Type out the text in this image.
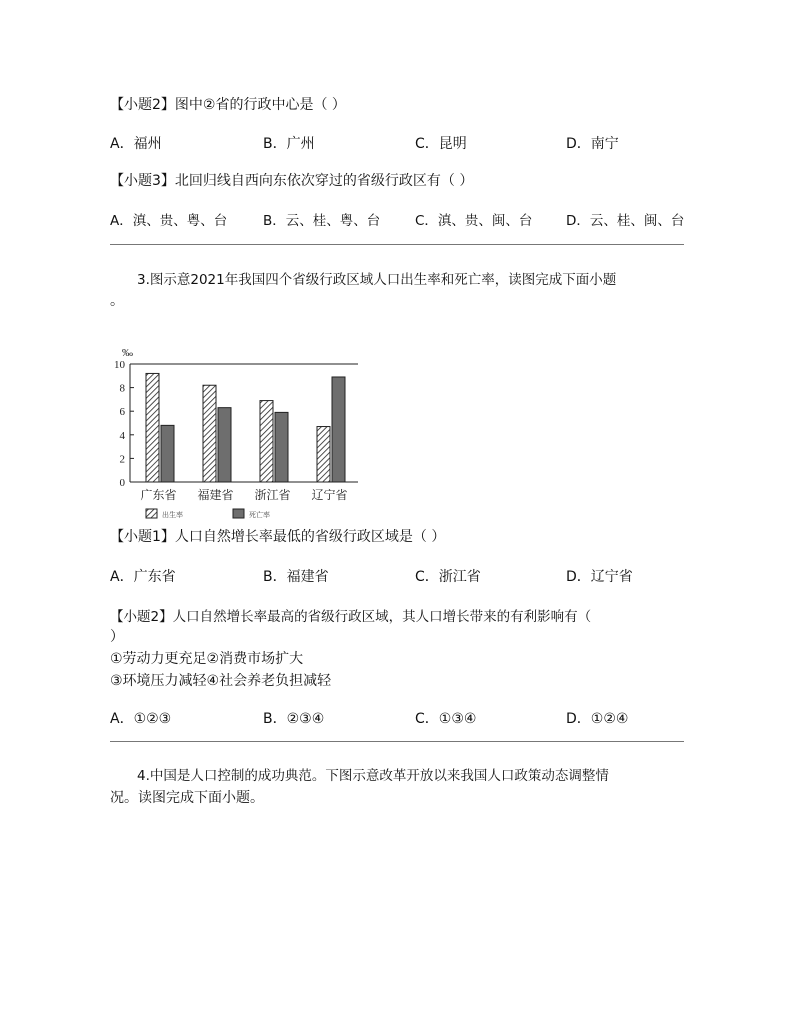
【小题2】图中②省的行政中心是（ ）
A．福州	B．广州	C．昆明	D．南宁
【小题3】北回归线自西向东依次穿过的省级行政区有（ ）
A．滇、贵、粤、台	B．云、桂、粤、台	C．滇、贵、闽、台 D．云、桂、闽、台
3.图示意2021年我国四个省级行政区域人口出生率和死亡率，读图完成下面小题
。
‰
0
2
4
6
8
10
广东省 福建省 浙江省 辽宁省
出生率	死亡率
【小题1】人口自然增长率最低的省级行政区域是（ ）
A．广东省	B．福建省	C．浙江省	D．辽宁省
【小题2】人口自然增长率最高的省级行政区域，其人口增长带来的有利影响有（
）
①劳动力更充足②消费市场扩大
③环境压力减轻④社会养老负担减轻
A．①②③	B．②③④	C．①③④	D．①②④
4.中国是人口控制的成功典范。下图示意改革开放以来我国人口政策动态调整情
况。读图完成下面小题。
